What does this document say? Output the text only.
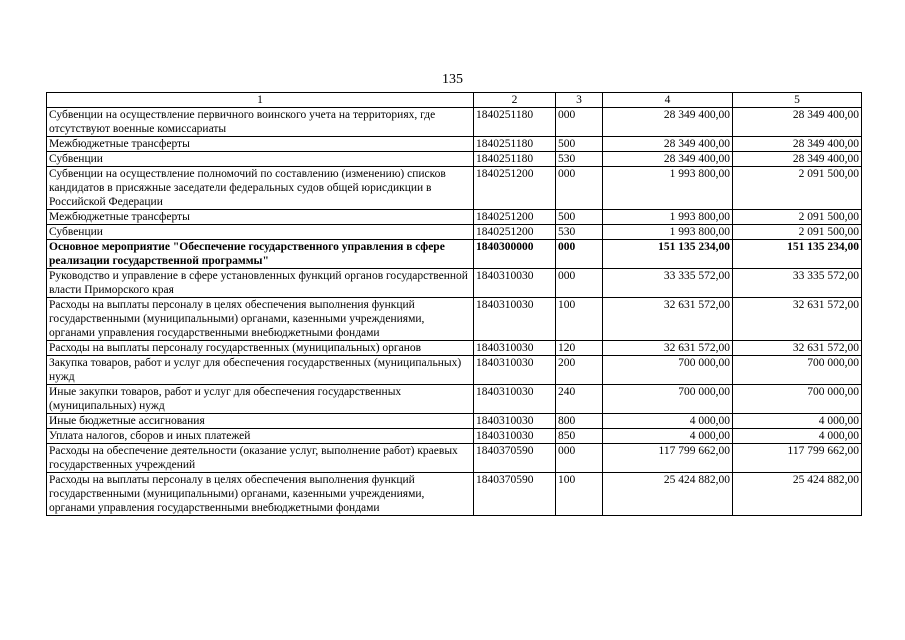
135
1	2	3	4	5
Субвенции на осуществление первичного воинского учета на территориях, где отсутствуют военные комиссариаты	1840251180	000	28 349 400,00	28 349 400,00
Межбюджетные трансферты	1840251180	500	28 349 400,00	28 349 400,00
Субвенции	1840251180	530	28 349 400,00	28 349 400,00
Субвенции на осуществление полномочий по составлению (изменению) списков кандидатов в присяжные заседатели федеральных судов общей юрисдикции в Российской Федерации	1840251200	000	1 993 800,00	2 091 500,00
Межбюджетные трансферты	1840251200	500	1 993 800,00	2 091 500,00
Субвенции	1840251200	530	1 993 800,00	2 091 500,00
Основное мероприятие "Обеспечение государственного управления в сфере реализации государственной программы"	1840300000	000	151 135 234,00	151 135 234,00
Руководство и управление в сфере установленных функций органов государственной власти Приморского края	1840310030	000	33 335 572,00	33 335 572,00
Расходы на выплаты персоналу в целях обеспечения выполнения функций государственными (муниципальными) органами, казенными учреждениями, органами управления государственными внебюджетными фондами	1840310030	100	32 631 572,00	32 631 572,00
Расходы на выплаты персоналу государственных (муниципальных) органов	1840310030	120	32 631 572,00	32 631 572,00
Закупка товаров, работ и услуг для обеспечения государственных (муниципальных) нужд	1840310030	200	700 000,00	700 000,00
Иные закупки товаров, работ и услуг для обеспечения государственных (муниципальных) нужд	1840310030	240	700 000,00	700 000,00
Иные бюджетные ассигнования	1840310030	800	4 000,00	4 000,00
Уплата налогов, сборов и иных платежей	1840310030	850	4 000,00	4 000,00
Расходы на обеспечение деятельности (оказание услуг, выполнение работ) краевых государственных учреждений	1840370590	000	117 799 662,00	117 799 662,00
Расходы на выплаты персоналу в целях обеспечения выполнения функций государственными (муниципальными) органами, казенными учреждениями, органами управления государственными внебюджетными фондами	1840370590	100	25 424 882,00	25 424 882,00
